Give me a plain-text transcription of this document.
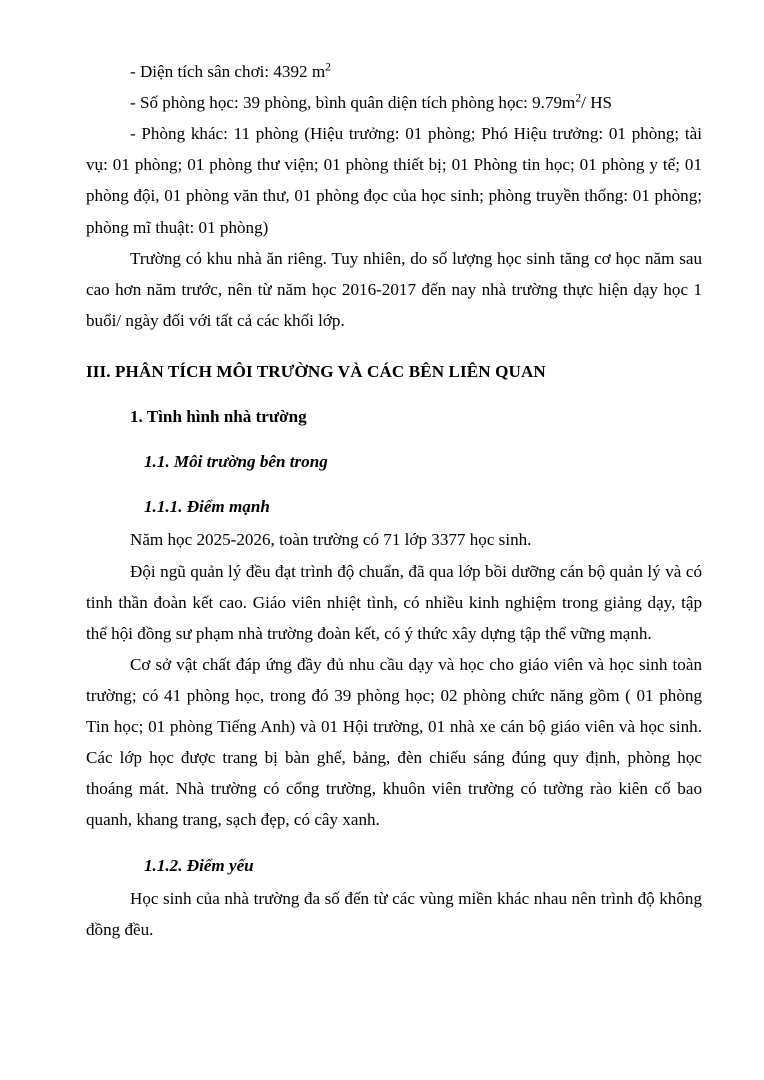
- Diện tích sân chơi: 4392 $m^2$

- Số phòng học: 39 phòng, bình quân diện tích phòng học: $9.79m^2/$ HS

- Phòng khác: 11 phòng (Hiệu trưởng: 01 phòng; Phó Hiệu trưởng: 01 phòng; tài vụ: 01 phòng; 01 phòng thư viện; 01 phòng thiết bị; 01 Phòng tin học; 01 phòng y tế; 01 phòng đội, 01 phòng văn thư, 01 phòng đọc của học sinh; phòng truyền thống: 01 phòng; phòng mĩ thuật: 01 phòng)

Trường có khu nhà ăn riêng. Tuy nhiên, do số lượng học sinh tăng cơ học năm sau cao hơn năm trước, nên từ năm học 2016-2017 đến nay nhà trường thực hiện dạy học 1 buổi/ ngày đối với tất cả các khối lớp.

III. PHÂN TÍCH MÔI TRƯỜNG VÀ CÁC BÊN LIÊN QUAN

1. Tình hình nhà trường

1.1. Môi trường bên trong

1.1.1. Điểm mạnh

Năm học 2025-2026, toàn trường có 71 lớp 3377 học sinh.

Đội ngũ quản lý đều đạt trình độ chuẩn, đã qua lớp bồi dưỡng cán bộ quản lý và có tinh thần đoàn kết cao. Giáo viên nhiệt tình, có nhiều kinh nghiệm trong giảng dạy, tập thể hội đồng sư phạm nhà trường đoàn kết, có ý thức xây dựng tập thể vững mạnh.

Cơ sở vật chất đáp ứng đầy đủ nhu cầu dạy và học cho giáo viên và học sinh toàn trường; có 41 phòng học, trong đó 39 phòng học; 02 phòng chức năng gồm ( 01 phòng Tin học; 01 phòng Tiếng Anh) và 01 Hội trường, 01 nhà xe cán bộ giáo viên và học sinh. Các lớp học được trang bị bàn ghế, bảng, đèn chiếu sáng đúng quy định, phòng học thoáng mát. Nhà trường có cổng trường, khuôn viên trường có tường rào kiên cố bao quanh, khang trang, sạch đẹp, có cây xanh.

1.1.2. Điểm yếu

Học sinh của nhà trường đa số đến từ các vùng miền khác nhau nên trình độ không đồng đều.
